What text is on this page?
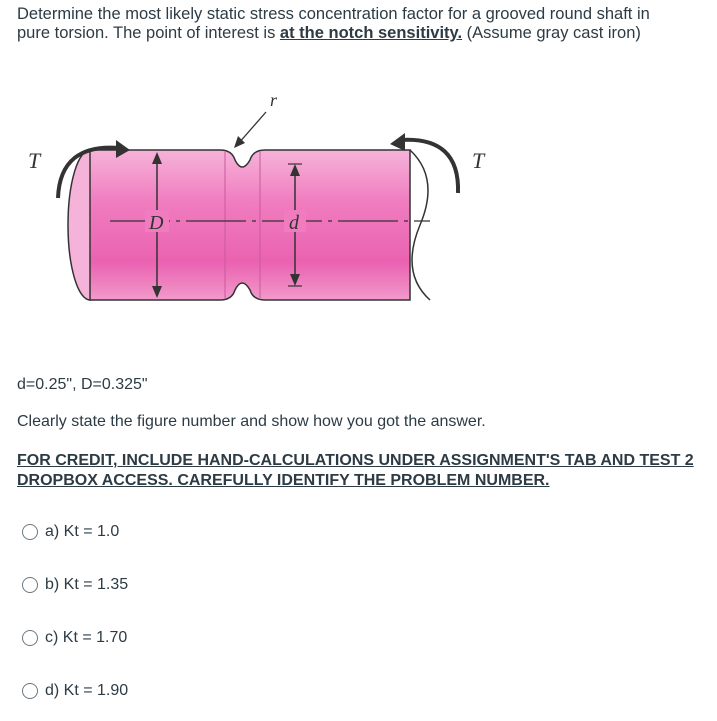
Determine the most likely static stress concentration factor for a grooved round shaft in pure torsion. The point of interest is at the notch sensitivity. (Assume gray cast iron)
D	d
r
T	T
d=0.25", D=0.325"
Clearly state the figure number and show how you got the answer.
FOR CREDIT, INCLUDE HAND-CALCULATIONS UNDER ASSIGNMENT'S TAB AND TEST 2 DROPBOX ACCESS. CAREFULLY IDENTIFY THE PROBLEM NUMBER.
a) Kt = 1.0
b) Kt = 1.35
c) Kt = 1.70
d) Kt = 1.90
